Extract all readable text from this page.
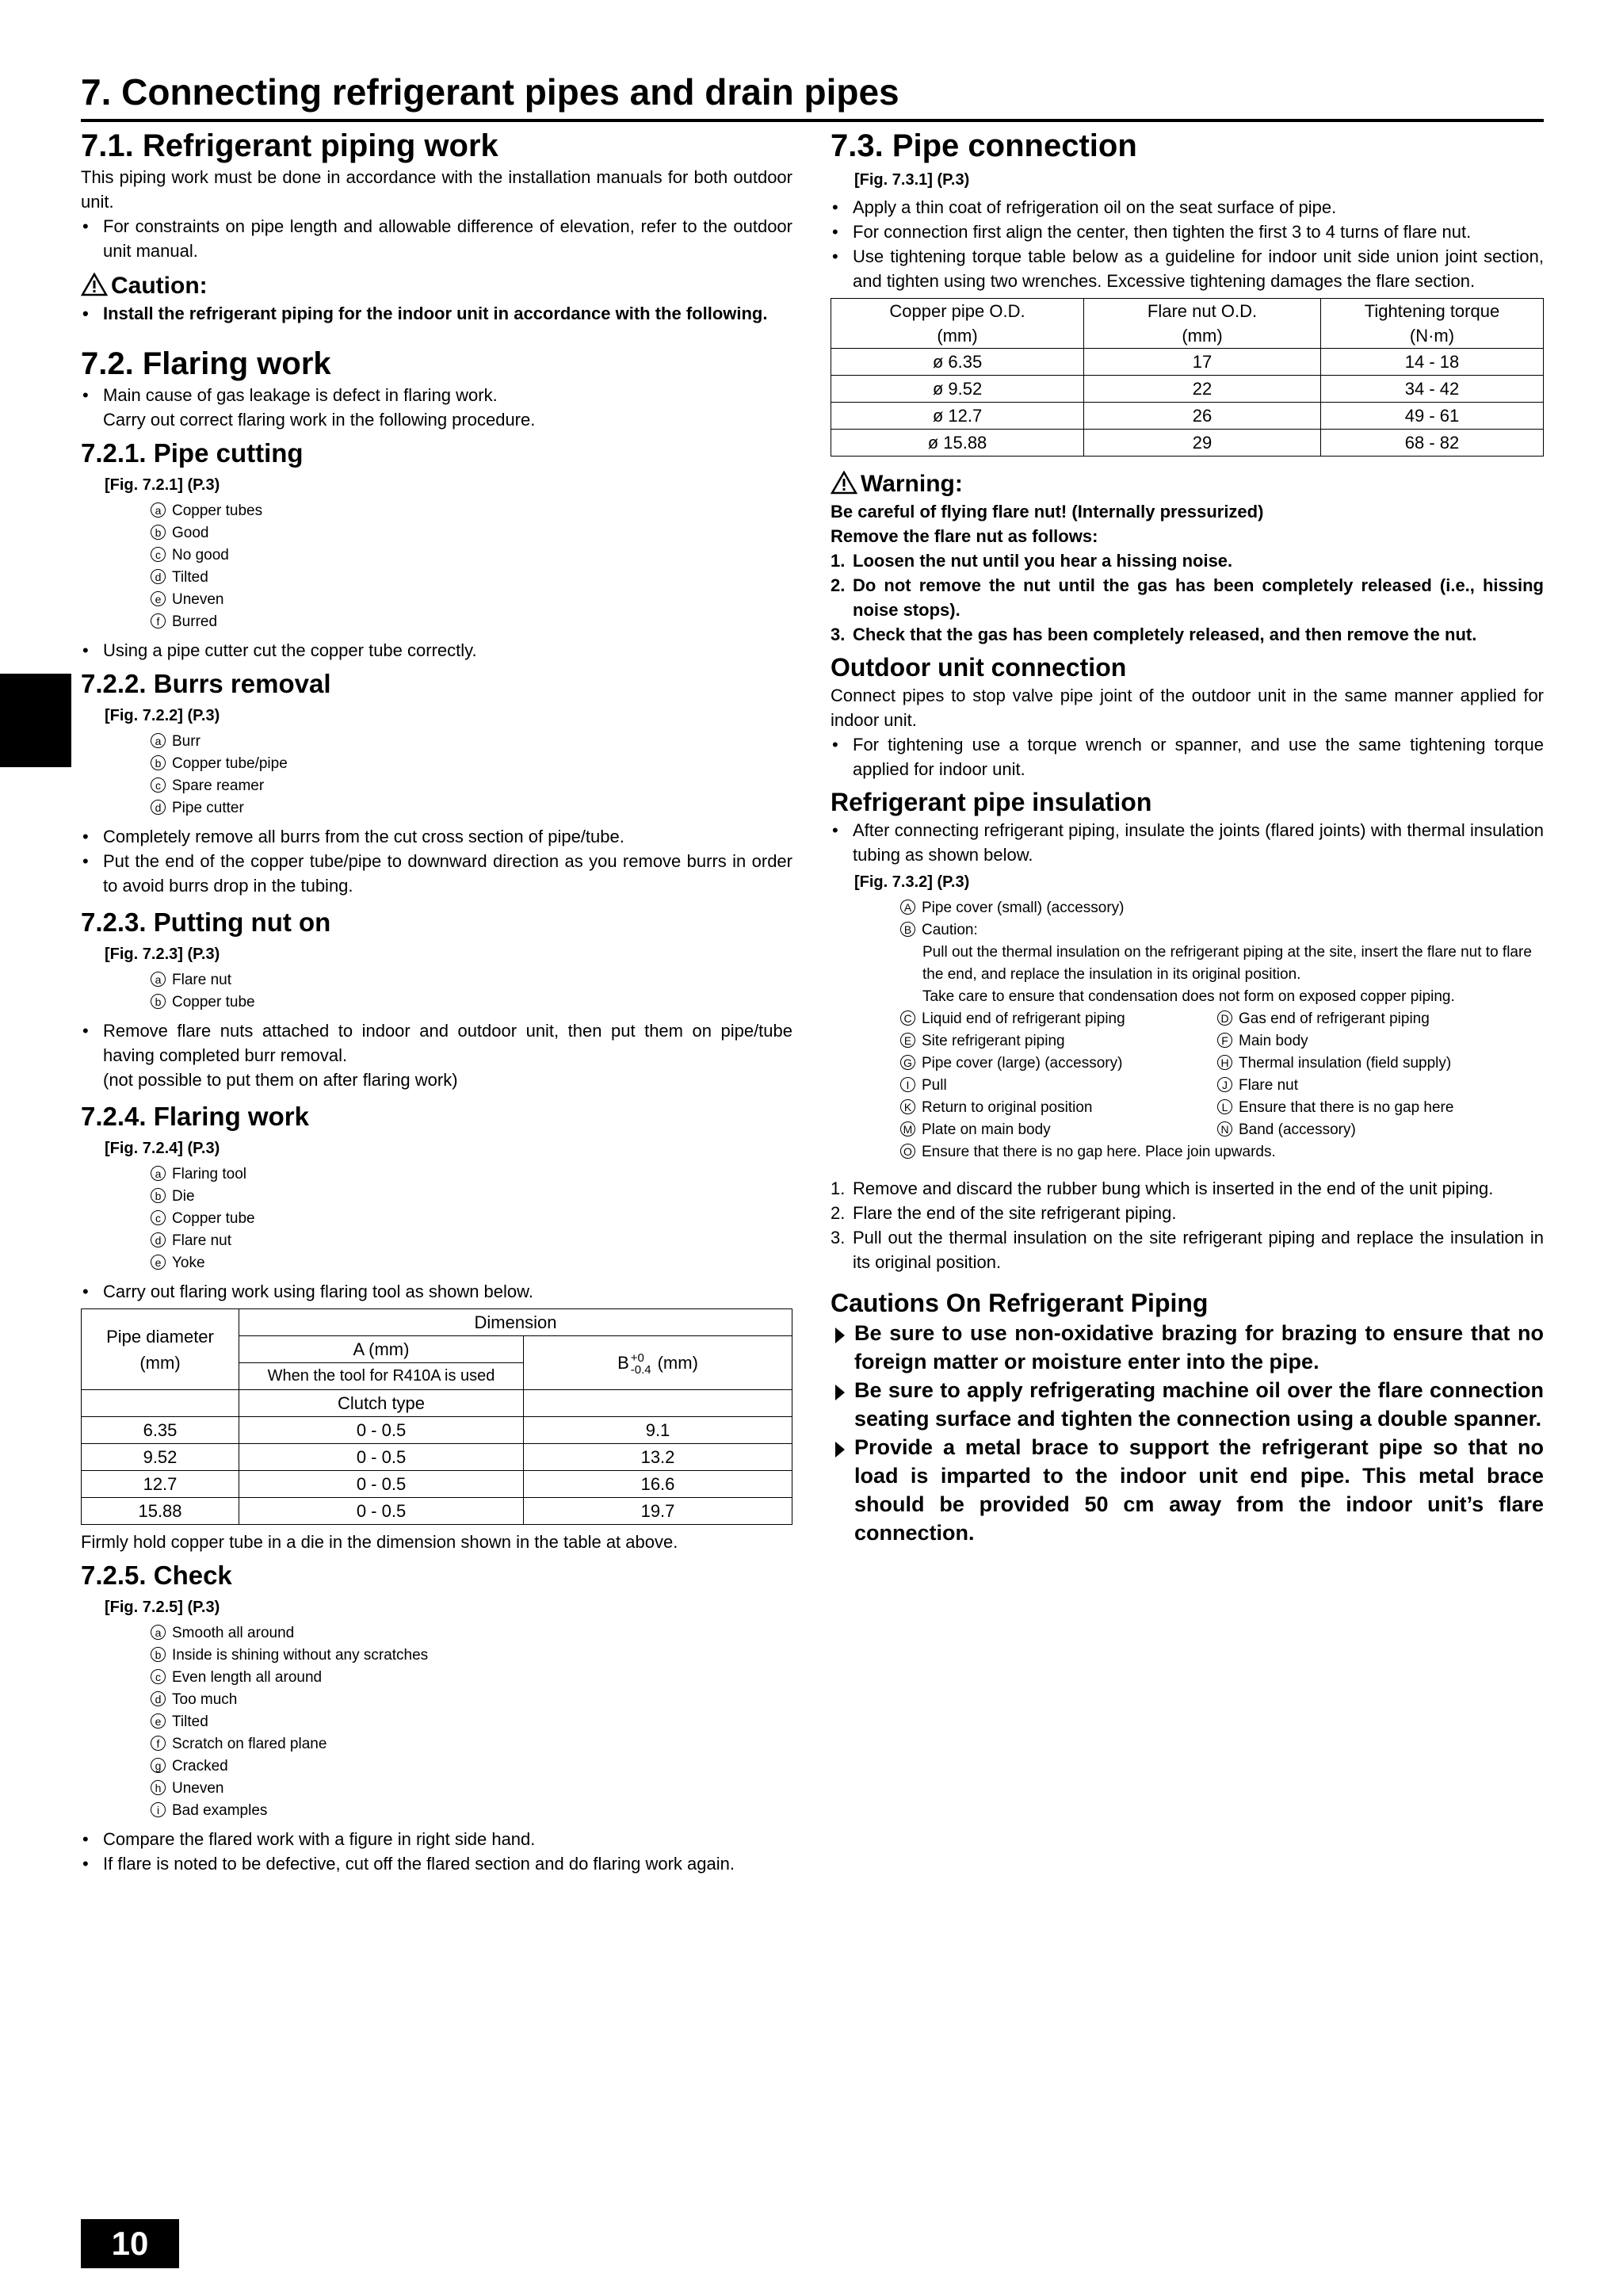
7. Connecting refrigerant pipes and drain pipes
7.1. Refrigerant piping work

This piping work must be done in accordance with the installation manuals for both outdoor unit.

• For constraints on pipe length and allowable difference of elevation, refer to the outdoor unit manual.

Caution:

• Install the refrigerant piping for the indoor unit in accordance with the following.

7.2. Flaring work

• Main cause of gas leakage is defect in flaring work.

Carry out correct flaring work in the following procedure.

7.2.1. Pipe cutting

[Fig. 7.2.1] (P.3)

a Copper tubes

b Good

c No good

d Tilted

e Uneven

f Burred

• Using a pipe cutter cut the copper tube correctly.

7.2.2. Burrs removal

[Fig. 7.2.2] (P.3)

a Burr

b Copper tube/pipe

c Spare reamer

d Pipe cutter

• Completely remove all burrs from the cut cross section of pipe/tube.

• Put the end of the copper tube/pipe to downward direction as you remove burrs in order to avoid burrs drop in the tubing.

7.2.3. Putting nut on

[Fig. 7.2.3] (P.3)

a Flare nut

b Copper tube

• Remove flare nuts attached to indoor and outdoor unit, then put them on pipe/tube having completed burr removal.

(not possible to put them on after flaring work)

7.2.4. Flaring work

[Fig. 7.2.4] (P.3)

a Flaring tool

b Die

c Copper tube

d Flare nut

e Yoke

• Carry out flaring work using flaring tool as shown below.

Pipe diameter
(mm)	Dimension	
	A (mm)	B +0
-0.4 (mm)
	When the tool for R410A is used	
	Clutch type	
6.35	0 - 0.5	9.1
9.52	0 - 0.5	13.2
12.7	0 - 0.5	16.6
15.88	0 - 0.5	19.7

Firmly hold copper tube in a die in the dimension shown in the table at above.

7.2.5. Check

[Fig. 7.2.5] (P.3)

a Smooth all around

b Inside is shining without any scratches

c Even length all around

d Too much

e Tilted

f Scratch on flared plane

g Cracked

h Uneven

i Bad examples

• Compare the flared work with a figure in right side hand.

• If flare is noted to be defective, cut off the flared section and do flaring work again.

7.3. Pipe connection

[Fig. 7.3.1] (P.3)

• Apply a thin coat of refrigeration oil on the seat surface of pipe.

• For connection first align the center, then tighten the first 3 to 4 turns of flare nut.

• Use tightening torque table below as a guideline for indoor unit side union joint section, and tighten using two wrenches. Excessive tightening damages the flare section.

Copper pipe O.D.
(mm)	Flare nut O.D.
(mm)	Tightening torque
(N·m)
ø 6.35	17	14 - 18
ø 9.52	22	34 - 42
ø 12.7	26	49 - 61
ø 15.88	29	68 - 82

Warning:

Be careful of flying flare nut! (Internally pressurized)

Remove the flare nut as follows:

1. Loosen the nut until you hear a hissing noise.

2. Do not remove the nut until the gas has been completely released (i.e., hissing noise stops).

3. Check that the gas has been completely released, and then remove the nut.

Outdoor unit connection

Connect pipes to stop valve pipe joint of the outdoor unit in the same manner applied for indoor unit.

• For tightening use a torque wrench or spanner, and use the same tightening torque applied for indoor unit.

Refrigerant pipe insulation

• After connecting refrigerant piping, insulate the joints (flared joints) with thermal insulation tubing as shown below.

[Fig. 7.3.2] (P.3)

A Pipe cover (small) (accessory)

B Caution:

Pull out the thermal insulation on the refrigerant piping at the site, insert the flare nut to flare the end, and replace the insulation in its original position.

Take care to ensure that condensation does not form on exposed copper piping.

C Liquid end of refrigerant piping	D Gas end of refrigerant piping
E Site refrigerant piping	F Main body
G Pipe cover (large) (accessory)	H Thermal insulation (field supply)
I Pull	J Flare nut
K Return to original position	L Ensure that there is no gap here
M Plate on main body	N Band (accessory)

O Ensure that there is no gap here. Place join upwards.

1. Remove and discard the rubber bung which is inserted in the end of the unit piping.

2. Flare the end of the site refrigerant piping.

3. Pull out the thermal insulation on the site refrigerant piping and replace the insulation in its original position.

Cautions On Refrigerant Piping

Be sure to use non-oxidative brazing for brazing to ensure that no foreign matter or moisture enter into the pipe.

Be sure to apply refrigerating machine oil over the flare connection seating surface and tighten the connection using a double spanner.

Provide a metal brace to support the refrigerant pipe so that no load is imparted to the indoor unit end pipe. This metal brace should be provided 50 cm away from the indoor unit’s flare connection.

10
